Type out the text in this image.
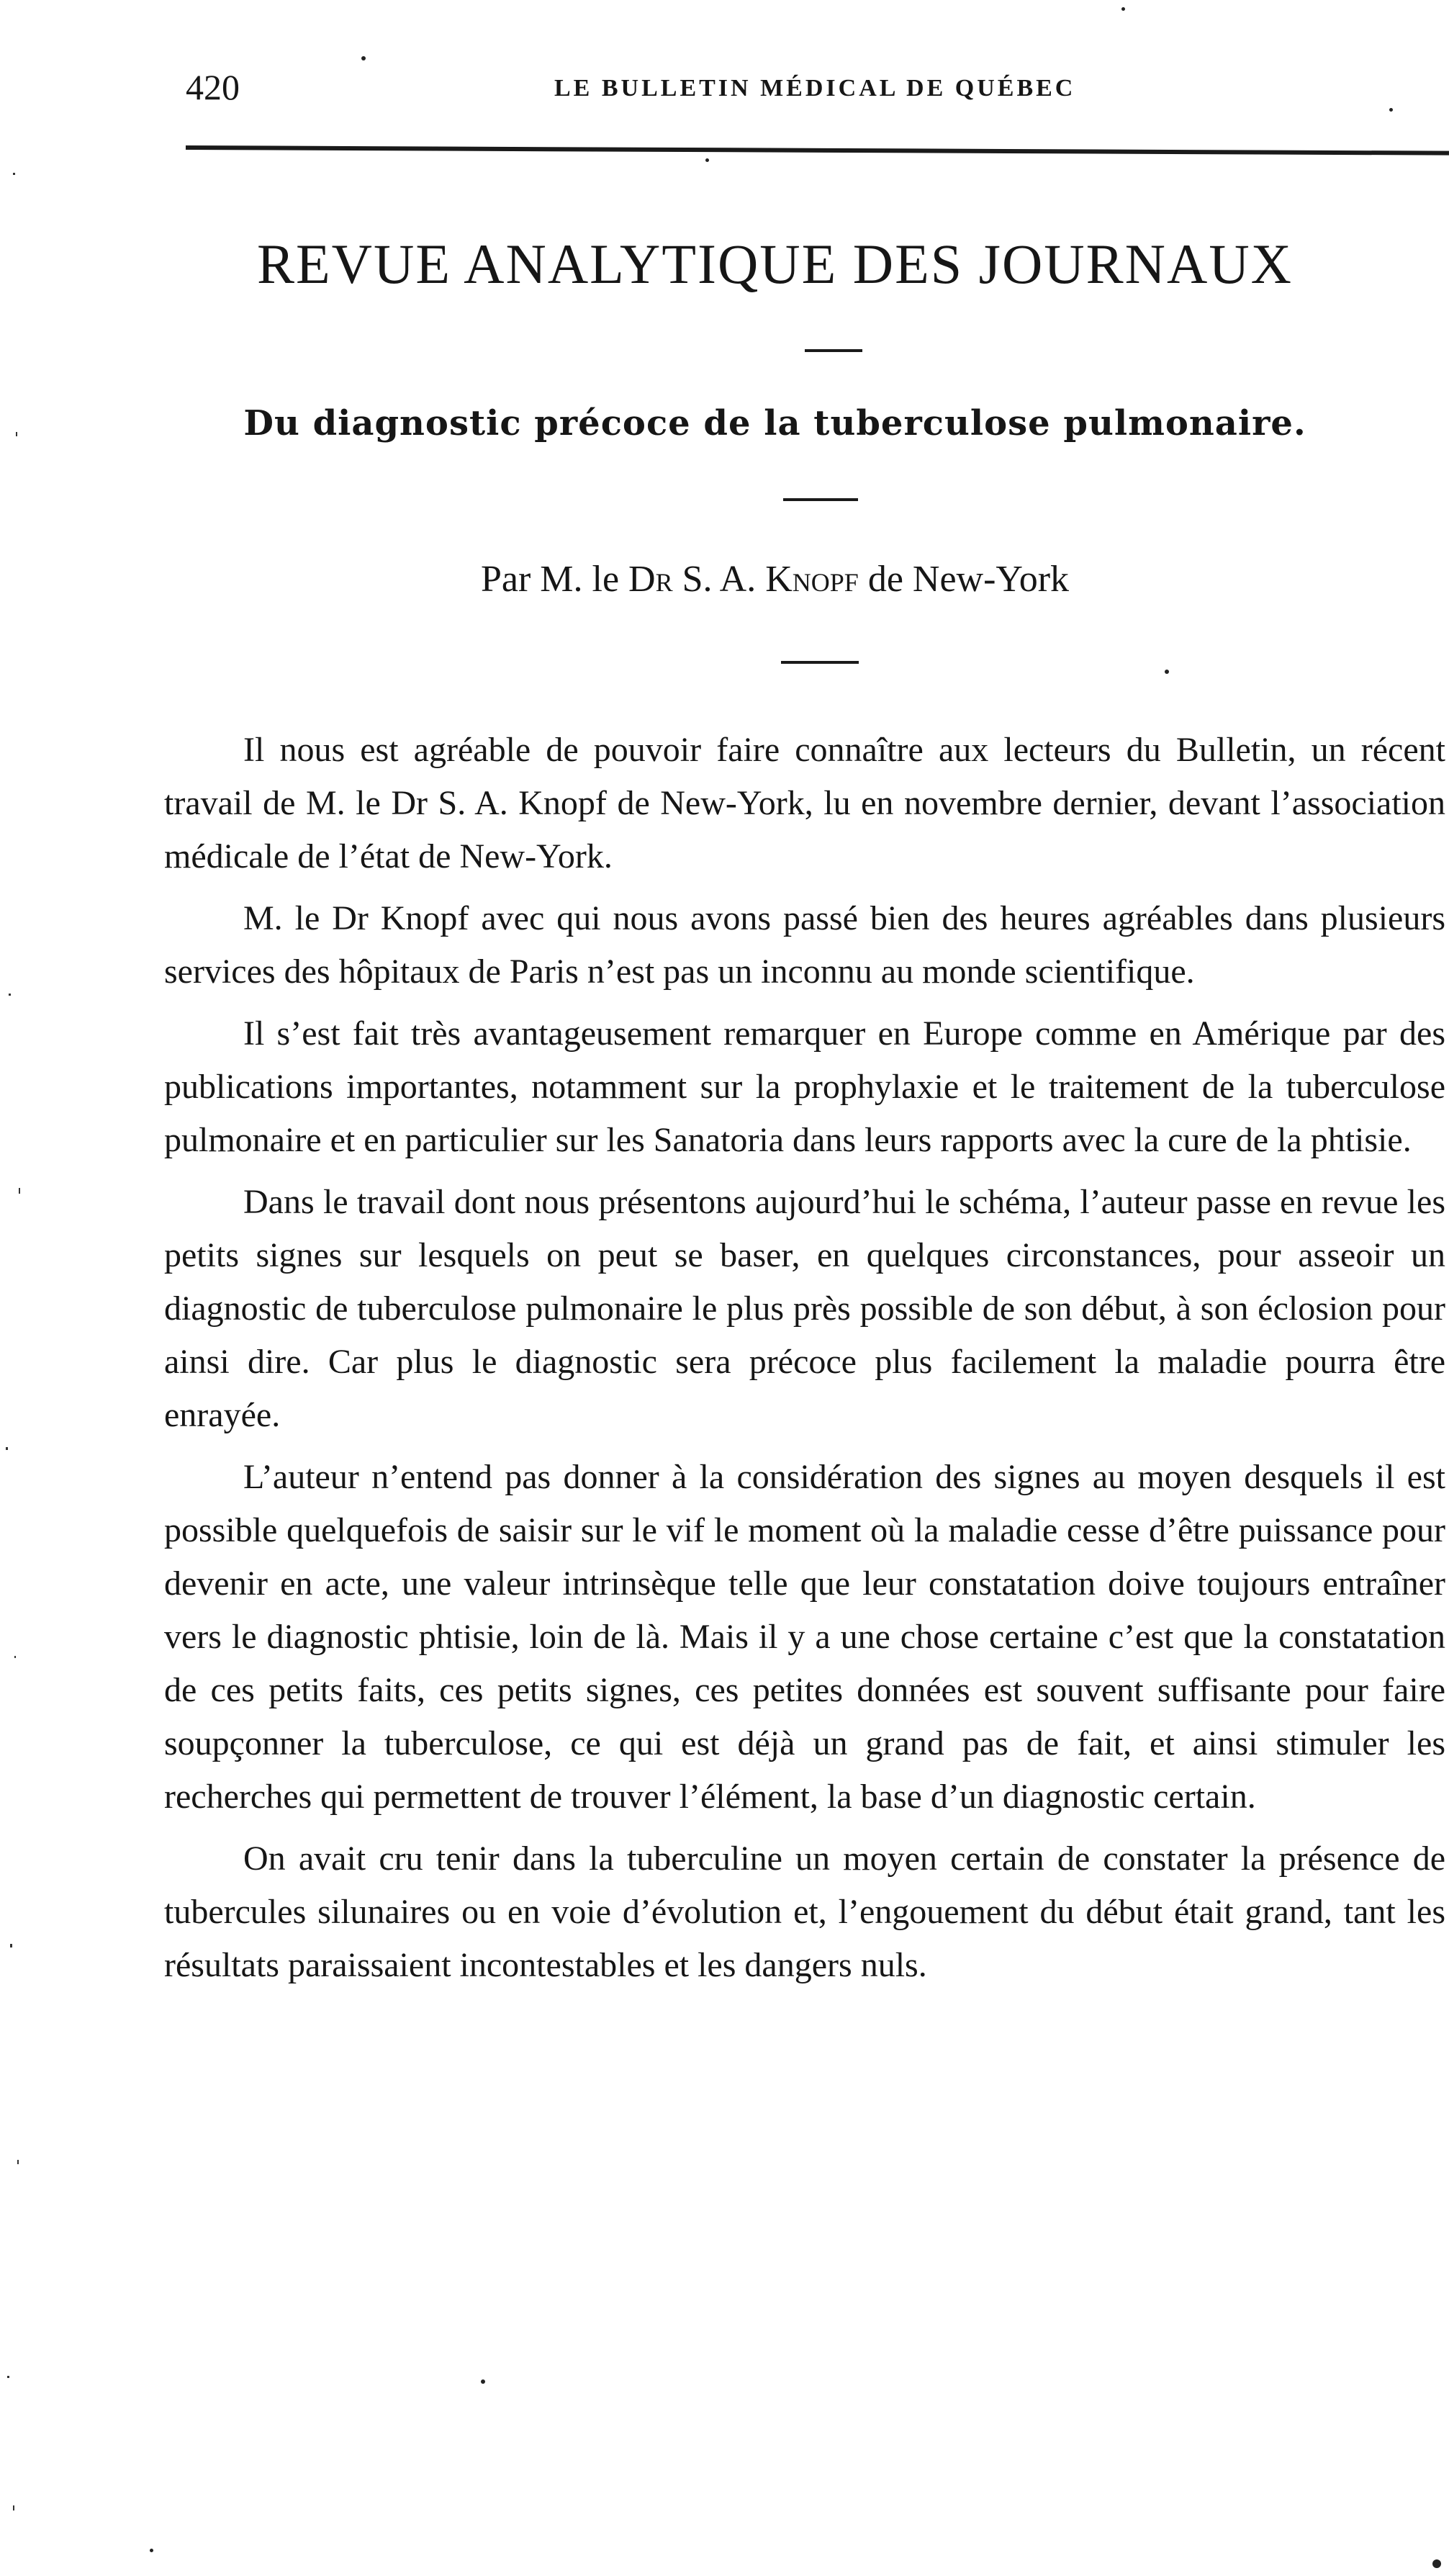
420	LE BULLETIN MÉDICAL DE QUÉBEC
REVUE ANALYTIQUE DES JOURNAUX
Du diagnostic précoce de la tuberculose pulmonaire.
Par M. le Dr S. A. Knopf de New-York

Il nous est agréable de pouvoir faire connaître aux lecteurs du Bulletin, un récent travail de M. le Dr S. A. Knopf de New-York, lu en novembre dernier, devant l’association médicale de l’état de New-York.

M. le Dr Knopf avec qui nous avons passé bien des heures agréables dans plusieurs services des hôpitaux de Paris n’est pas un inconnu au monde scientifique.

Il s’est fait très avantageusement remarquer en Europe comme en Amérique par des publications importantes, notamment sur la prophylaxie et le traitement de la tuberculose pulmonaire et en particulier sur les Sanatoria dans leurs rapports avec la cure de la phtisie.

Dans le travail dont nous présentons aujourd’hui le schéma, l’auteur passe en revue les petits signes sur lesquels on peut se baser, en quelques circonstances, pour asseoir un diagnostic de tuberculose pulmonaire le plus près possible de son début, à son éclosion pour ainsi dire. Car plus le diagnostic sera précoce plus facilement la maladie pourra être enrayée.

L’auteur n’entend pas donner à la considération des signes au moyen desquels il est possible quelquefois de saisir sur le vif le moment où la maladie cesse d’être puissance pour devenir en acte, une valeur intrinsèque telle que leur constatation doive toujours entraîner vers le diagnostic phtisie, loin de là. Mais il y a une chose certaine c’est que la constatation de ces petits faits, ces petits signes, ces petites données est souvent suffisante pour faire soupçonner la tuberculose, ce qui est déjà un grand pas de fait, et ainsi stimuler les recherches qui permettent de trouver l’élément, la base d’un diagnostic certain.

On avait cru tenir dans la tuberculine un moyen certain de constater la présence de tubercules silunaires ou en voie d’évolution et, l’engouement du début était grand, tant les résultats paraissaient incontestables et les dangers nuls.
